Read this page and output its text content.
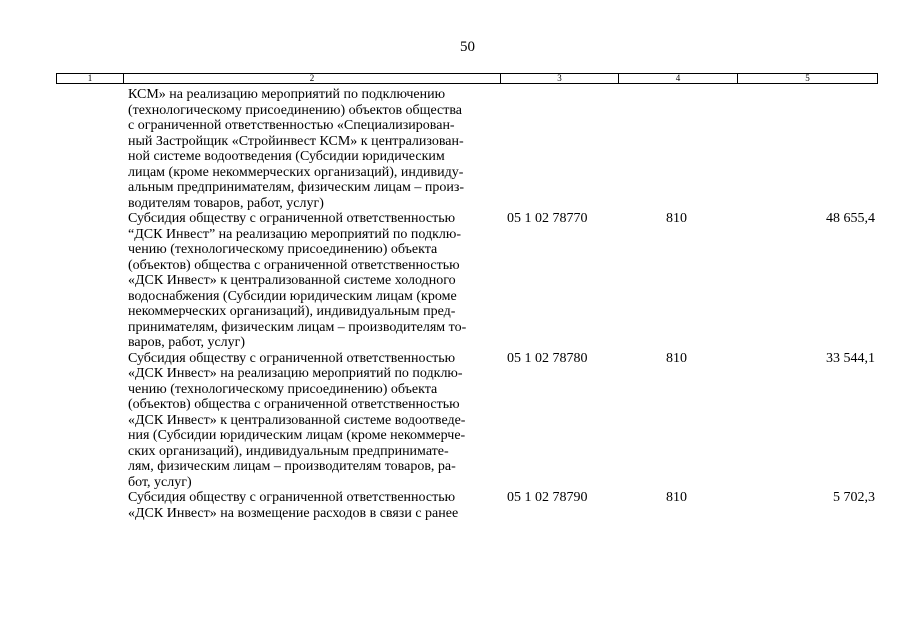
50
1	2	3	4	5
КСМ» на реализацию мероприятий по подключению
(технологическому присоединению) объектов общества
с ограниченной ответственностью «Специализирован-
ный Застройщик «Стройинвест КСМ» к централизован-
ной системе водоотведения (Субсидии юридическим
лицам (кроме некоммерческих организаций), индивиду-
альным предпринимателям, физическим лицам – произ-
водителям товаров, работ, услуг)
Субсидия обществу с ограниченной ответственностью
“ДСК Инвест” на реализацию мероприятий по подклю-
чению (технологическому присоединению) объекта
(объектов) общества с ограниченной ответственностью
«ДСК Инвест» к централизованной системе холодного
водоснабжения (Субсидии юридическим лицам (кроме
некоммерческих организаций), индивидуальным пред-
принимателям, физическим лицам – производителям то-
варов, работ, услуг)
05 1 02 78770	810	48 655,4
Субсидия обществу с ограниченной ответственностью
«ДСК Инвест» на реализацию мероприятий по подклю-
чению (технологическому присоединению) объекта
(объектов) общества с ограниченной ответственностью
«ДСК Инвест» к централизованной системе водоотведе-
ния (Субсидии юридическим лицам (кроме некоммерче-
ских организаций), индивидуальным предпринимате-
лям, физическим лицам – производителям товаров, ра-
бот, услуг)
05 1 02 78780	810	33 544,1
Субсидия обществу с ограниченной ответственностью
«ДСК Инвест» на возмещение расходов в связи с ранее
05 1 02 78790	810	5 702,3
